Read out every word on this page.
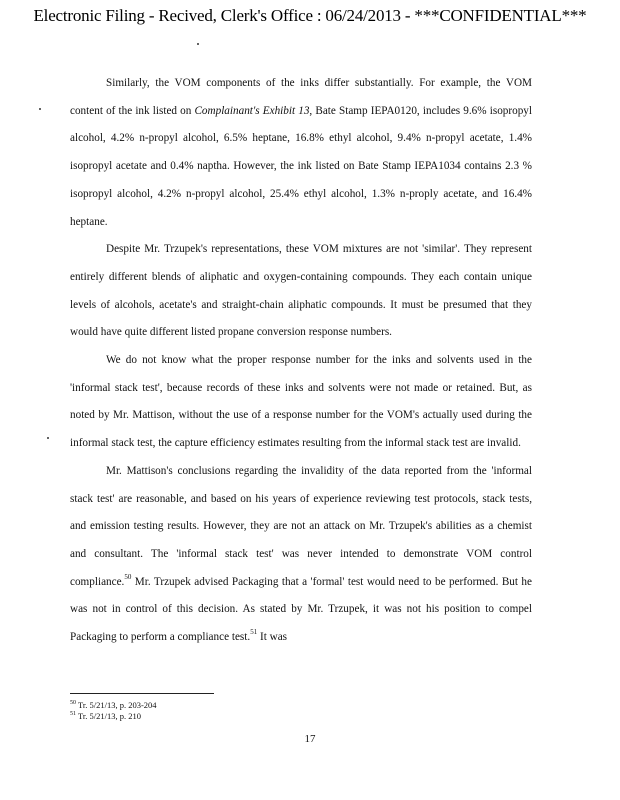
Electronic Filing - Recived, Clerk's Office : 06/24/2013 - ***CONFIDENTIAL***

Similarly, the VOM components of the inks differ substantially. For example, the VOM content of the ink listed on Complainant's Exhibit 13, Bate Stamp IEPA0120, includes 9.6% isopropyl alcohol, 4.2% n-propyl alcohol, 6.5% heptane, 16.8% ethyl alcohol, 9.4% n-propyl acetate, 1.4% isopropyl acetate and 0.4% naptha. However, the ink listed on Bate Stamp IEPA1034 contains 2.3 % isopropyl alcohol, 4.2% n-propyl alcohol, 25.4% ethyl alcohol, 1.3% n-proply acetate, and 16.4% heptane.

Despite Mr. Trzupek's representations, these VOM mixtures are not 'similar'. They represent entirely different blends of aliphatic and oxygen-containing compounds. They each contain unique levels of alcohols, acetate's and straight-chain aliphatic compounds. It must be presumed that they would have quite different listed propane conversion response numbers.

We do not know what the proper response number for the inks and solvents used in the 'informal stack test', because records of these inks and solvents were not made or retained. But, as noted by Mr. Mattison, without the use of a response number for the VOM's actually used during the informal stack test, the capture efficiency estimates resulting from the informal stack test are invalid.

Mr. Mattison's conclusions regarding the invalidity of the data reported from the 'informal stack test' are reasonable, and based on his years of experience reviewing test protocols, stack tests, and emission testing results. However, they are not an attack on Mr. Trzupek's abilities as a chemist and consultant. The 'informal stack test' was never intended to demonstrate VOM control compliance.$^{50}$ Mr. Trzupek advised Packaging that a 'formal' test would need to be performed. But he was not in control of this decision. As stated by Mr. Trzupek, it was not his position to compel Packaging to perform a compliance test.$^{51}$ It was

$^{50}$ Tr. 5/21/13, p. 203-204
$^{51}$ Tr. 5/21/13, p. 210
17
